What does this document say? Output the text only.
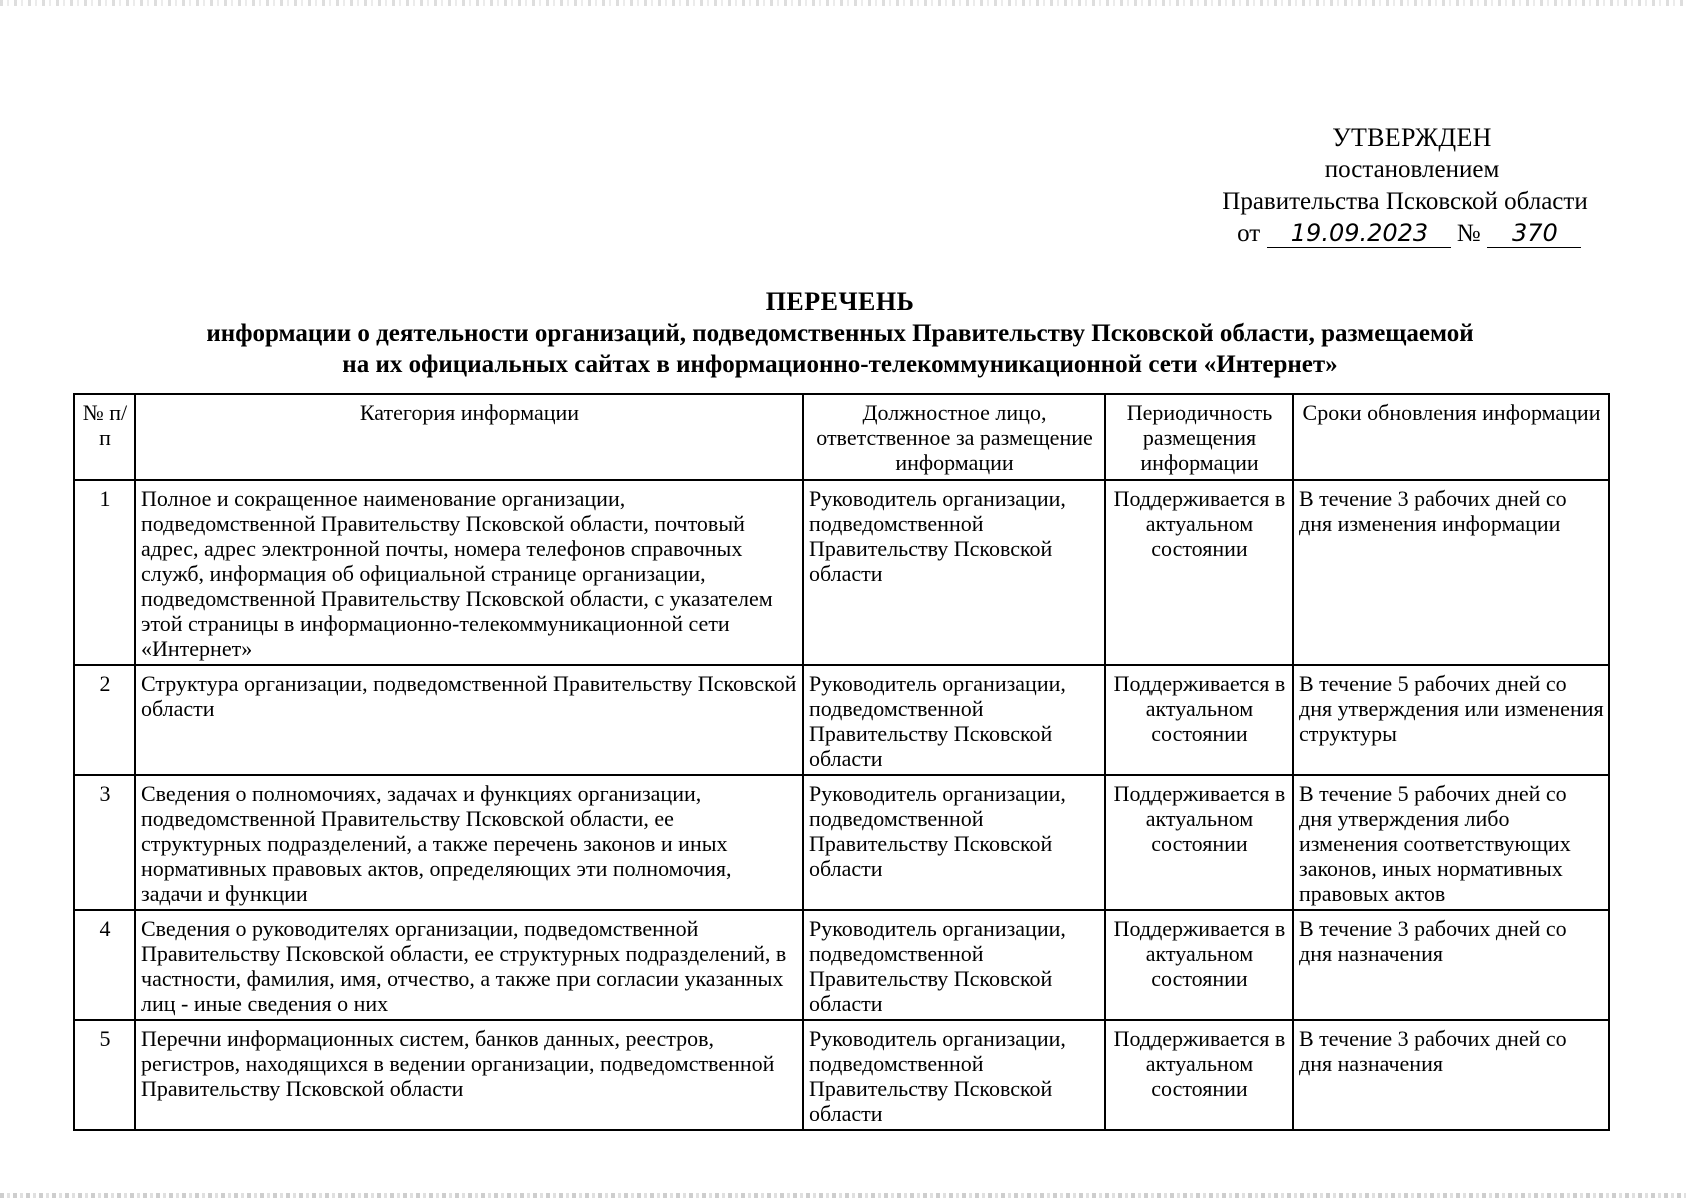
УТВЕРЖДЕН
постановлением
Правительства Псковской области
от 19.09.2023 № 370
ПЕРЕЧЕНЬ
информации о деятельности организаций, подведомственных Правительству Псковской области, размещаемой
на их официальных сайтах в информационно-телекоммуникационной сети «Интернет»
№ п/п	Категория информации	Должностное лицо, ответственное за размещение информации	Периодичность размещения информации	Сроки обновления информации
1	Полное и сокращенное наименование организации, подведомственной Правительству Псковской области, почтовый адрес, адрес электронной почты, номера телефонов справочных служб, информация об официальной странице организации, подведомственной Правительству Псковской области, с указателем этой страницы в информационно-телекоммуникационной сети «Интернет»	Руководитель организации, подведомственной Правительству Псковской области	Поддерживается в актуальном состоянии	В течение 3 рабочих дней со дня изменения информации
2	Структура организации, подведомственной Правительству Псковской области	Руководитель организации, подведомственной Правительству Псковской области	Поддерживается в актуальном состоянии	В течение 5 рабочих дней со дня утверждения или изменения структуры
3	Сведения о полномочиях, задачах и функциях организации, подведомственной Правительству Псковской области, ее структурных подразделений, а также перечень законов и иных нормативных правовых актов, определяющих эти полномочия, задачи и функции	Руководитель организации, подведомственной Правительству Псковской области	Поддерживается в актуальном состоянии	В течение 5 рабочих дней со дня утверждения либо изменения соответствующих законов, иных нормативных правовых актов
4	Сведения о руководителях организации, подведомственной Правительству Псковской области, ее структурных подразделений, в частности, фамилия, имя, отчество, а также при согласии указанных лиц - иные сведения о них	Руководитель организации, подведомственной Правительству Псковской области	Поддерживается в актуальном состоянии	В течение 3 рабочих дней со дня назначения
5	Перечни информационных систем, банков данных, реестров, регистров, находящихся в ведении организации, подведомственной Правительству Псковской области	Руководитель организации, подведомственной Правительству Псковской области	Поддерживается в актуальном состоянии	В течение 3 рабочих дней со дня назначения
